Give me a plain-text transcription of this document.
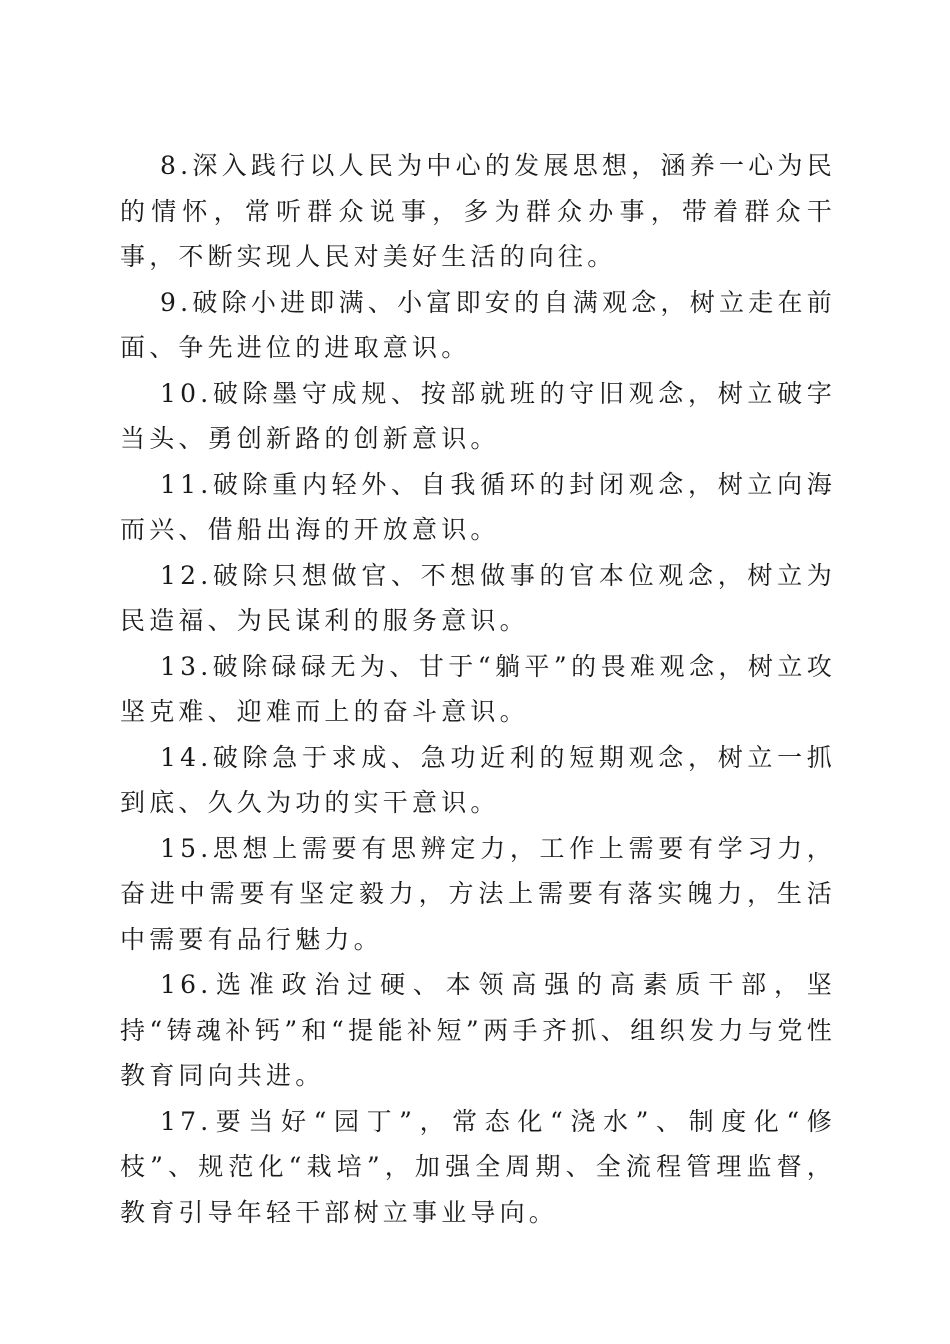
8.深入践行以人民为中心的发展思想，涵养一心为民的情怀，常听群众说事，多为群众办事，带着群众干事，不断实现人民对美好生活的向往。

9.破除小进即满、小富即安的自满观念，树立走在前面、争先进位的进取意识。

10.破除墨守成规、按部就班的守旧观念，树立破字当头、勇创新路的创新意识。

11.破除重内轻外、自我循环的封闭观念，树立向海而兴、借船出海的开放意识。

12.破除只想做官、不想做事的官本位观念，树立为民造福、为民谋利的服务意识。

13.破除碌碌无为、甘于“躺平”的畏难观念，树立攻坚克难、迎难而上的奋斗意识。

14.破除急于求成、急功近利的短期观念，树立一抓到底、久久为功的实干意识。

15.思想上需要有思辨定力，工作上需要有学习力，奋进中需要有坚定毅力，方法上需要有落实魄力，生活中需要有品行魅力。

16.选准政治过硬、本领高强的高素质干部，坚持“铸魂补钙”和“提能补短”两手齐抓、组织发力与党性教育同向共进。

17.要当好“园丁”，常态化“浇水”、制度化“修枝”、规范化“栽培”，加强全周期、全流程管理监督，教育引导年轻干部树立事业导向。
